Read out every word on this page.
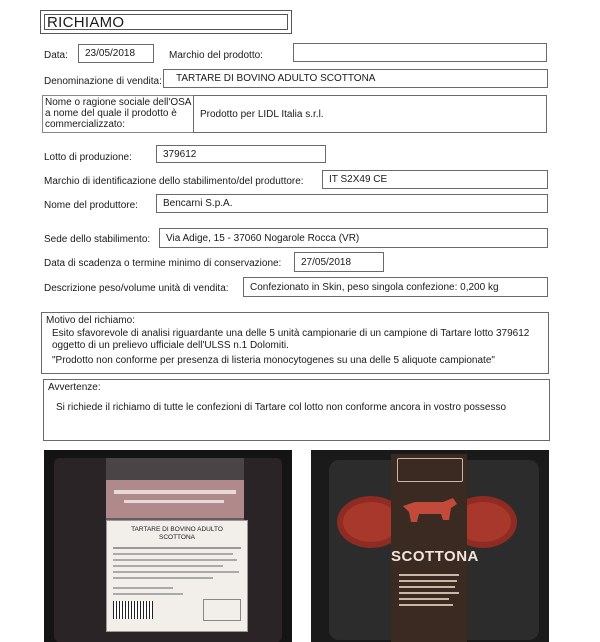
RICHIAMO
Data:	23/05/2018	Marchio del prodotto:
Denominazione di vendita:	TARTARE DI BOVINO ADULTO SCOTTONA
Nome o ragione sociale dell'OSA
a nome del quale il prodotto è
commercializzato:
Prodotto per LIDL Italia s.r.l.
Lotto di produzione:	379612
Marchio di identificazione dello stabilimento/del produttore:	IT S2X49 CE
Nome del produttore:	Bencarni S.p.A.
Sede dello stabilimento:	Via Adige, 15 - 37060 Nogarole Rocca (VR)
Data di scadenza o termine minimo di conservazione:	27/05/2018
Descrizione peso/volume unità di vendita:	Confezionato in Skin, peso singola confezione: 0,200 kg
Motivo del richiamo:
Esito sfavorevole di analisi riguardante una delle 5 unità campionarie di un campione di Tartare lotto 379612
oggetto di un prelievo ufficiale dell'ULSS n.1 Dolomiti.
"Prodotto non conforme per presenza di listeria monocytogenes su una delle 5 aliquote campionate"
Avvertenze:
Si richiede il richiamo di tutte le confezioni di Tartare col lotto non conforme ancora in vostro possesso
TARTARE DI BOVINO ADULTO
SCOTTONA
SCOTTONA
